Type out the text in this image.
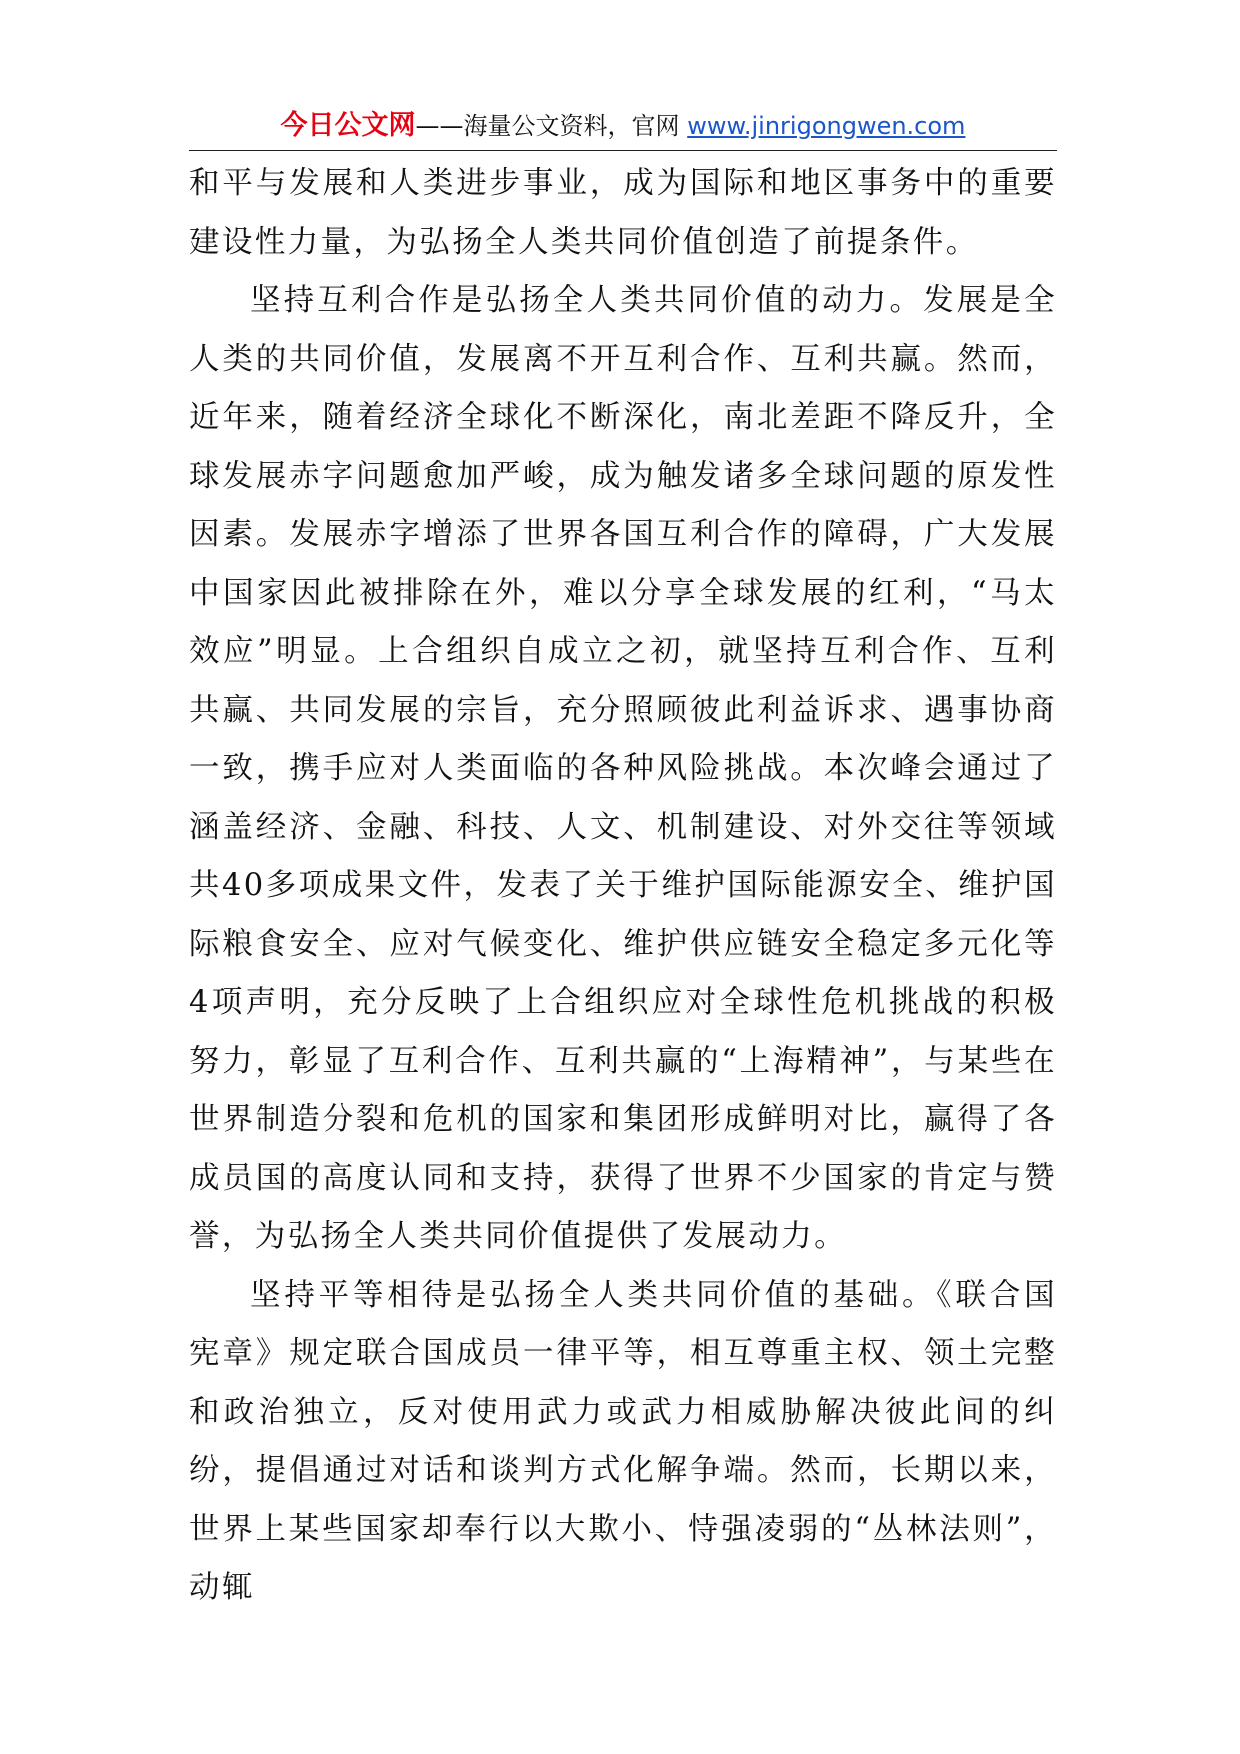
今日公文网——海量公文资料，官网 www.jinrigongwen.com

和平与发展和人类进步事业，成为国际和地区事务中的重要建设性力量，为弘扬全人类共同价值创造了前提条件。

坚持互利合作是弘扬全人类共同价值的动力。发展是全人类的共同价值，发展离不开互利合作、互利共赢。然而，近年来，随着经济全球化不断深化，南北差距不降反升，全球发展赤字问题愈加严峻，成为触发诸多全球问题的原发性因素。发展赤字增添了世界各国互利合作的障碍，广大发展中国家因此被排除在外，难以分享全球发展的红利，“马太效应”明显。上合组织自成立之初，就坚持互利合作、互利共赢、共同发展的宗旨，充分照顾彼此利益诉求、遇事协商一致，携手应对人类面临的各种风险挑战。本次峰会通过了涵盖经济、金融、科技、人文、机制建设、对外交往等领域共40多项成果文件，发表了关于维护国际能源安全、维护国际粮食安全、应对气候变化、维护供应链安全稳定多元化等4项声明，充分反映了上合组织应对全球性危机挑战的积极努力，彰显了互利合作、互利共赢的“上海精神”，与某些在世界制造分裂和危机的国家和集团形成鲜明对比，赢得了各成员国的高度认同和支持，获得了世界不少国家的肯定与赞誉，为弘扬全人类共同价值提供了发展动力。

坚持平等相待是弘扬全人类共同价值的基础。《联合国宪章》规定联合国成员一律平等，相互尊重主权、领土完整和政治独立，反对使用武力或武力相威胁解决彼此间的纠纷，提倡通过对话和谈判方式化解争端。然而，长期以来，世界上某些国家却奉行以大欺小、恃强凌弱的“丛林法则”，动辄
